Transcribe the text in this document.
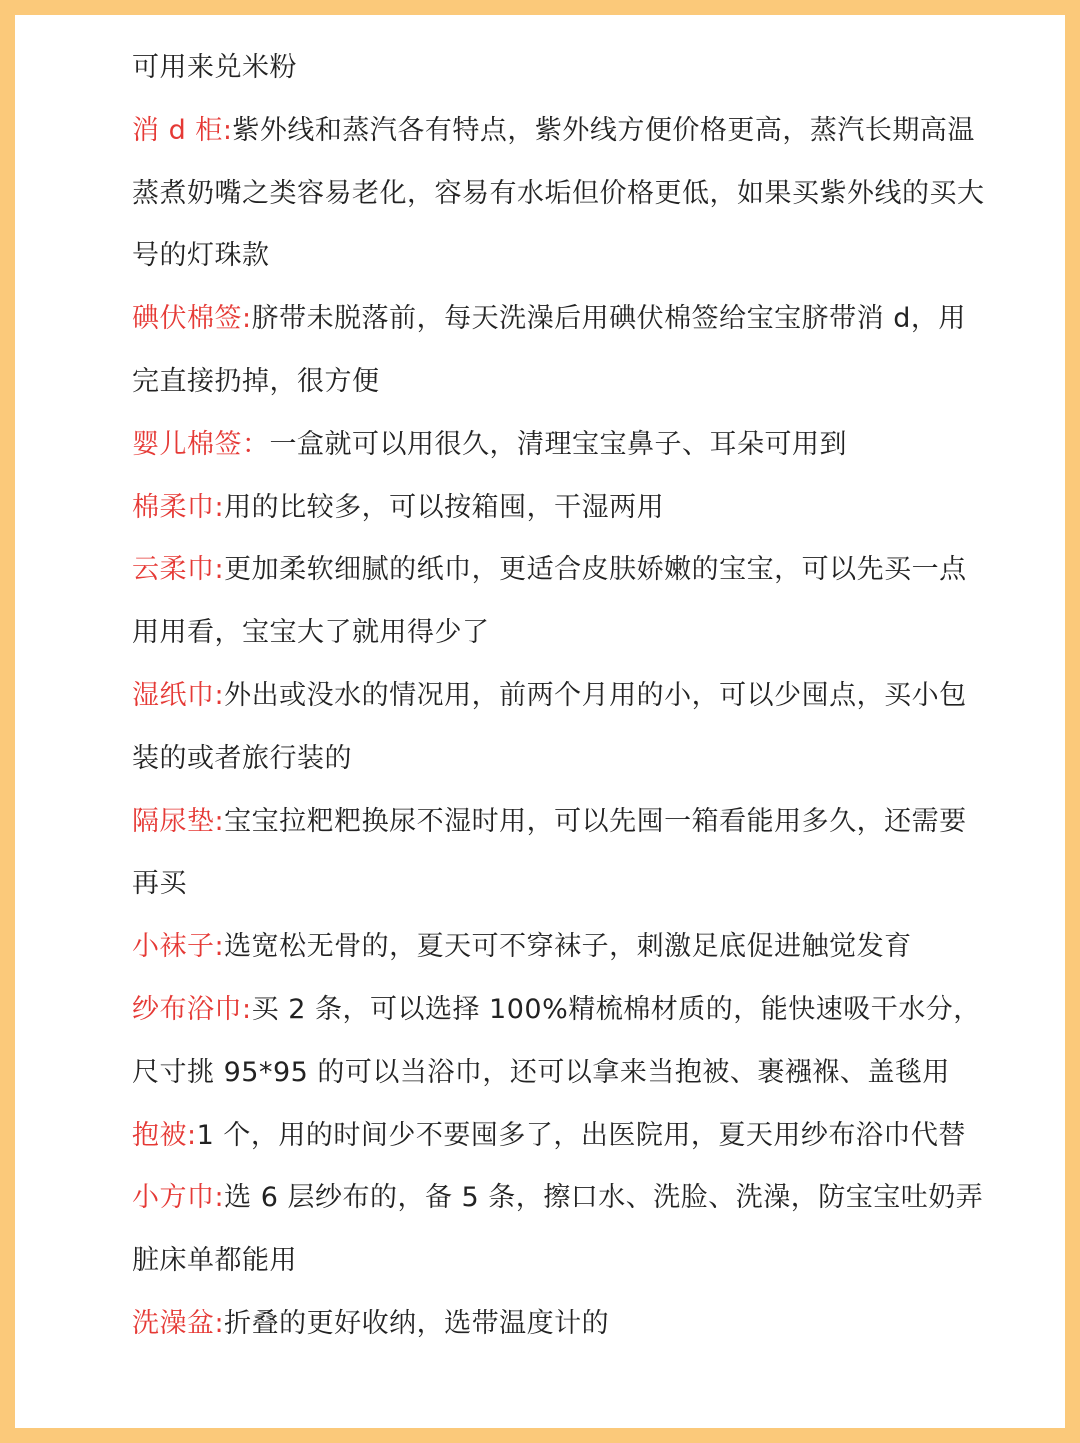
可用来兑米粉

消 d 柜:紫外线和蒸汽各有特点，紫外线方便价格更高，蒸汽长期高温蒸煮奶嘴之类容易老化，容易有水垢但价格更低，如果买紫外线的买大号的灯珠款

碘伏棉签:脐带未脱落前，每天洗澡后用碘伏棉签给宝宝脐带消 d，用完直接扔掉，很方便

婴儿棉签：一盒就可以用很久，清理宝宝鼻子、耳朵可用到

棉柔巾:用的比较多，可以按箱囤，干湿两用

云柔巾:更加柔软细腻的纸巾，更适合皮肤娇嫩的宝宝，可以先买一点用用看，宝宝大了就用得少了

湿纸巾:外出或没水的情况用，前两个月用的小，可以少囤点，买小包装的或者旅行装的

隔尿垫:宝宝拉粑粑换尿不湿时用，可以先囤一箱看能用多久，还需要再买

小袜子:选宽松无骨的，夏天可不穿袜子，刺激足底促进触觉发育

纱布浴巾:买 2 条，可以选择 100%精梳棉材质的，能快速吸干水分，尺寸挑 95*95 的可以当浴巾，还可以拿来当抱被、裹襁褓、盖毯用

抱被:1 个，用的时间少不要囤多了，出医院用，夏天用纱布浴巾代替

小方巾:选 6 层纱布的，备 5 条，擦口水、洗脸、洗澡，防宝宝吐奶弄脏床单都能用

洗澡盆:折叠的更好收纳，选带温度计的
